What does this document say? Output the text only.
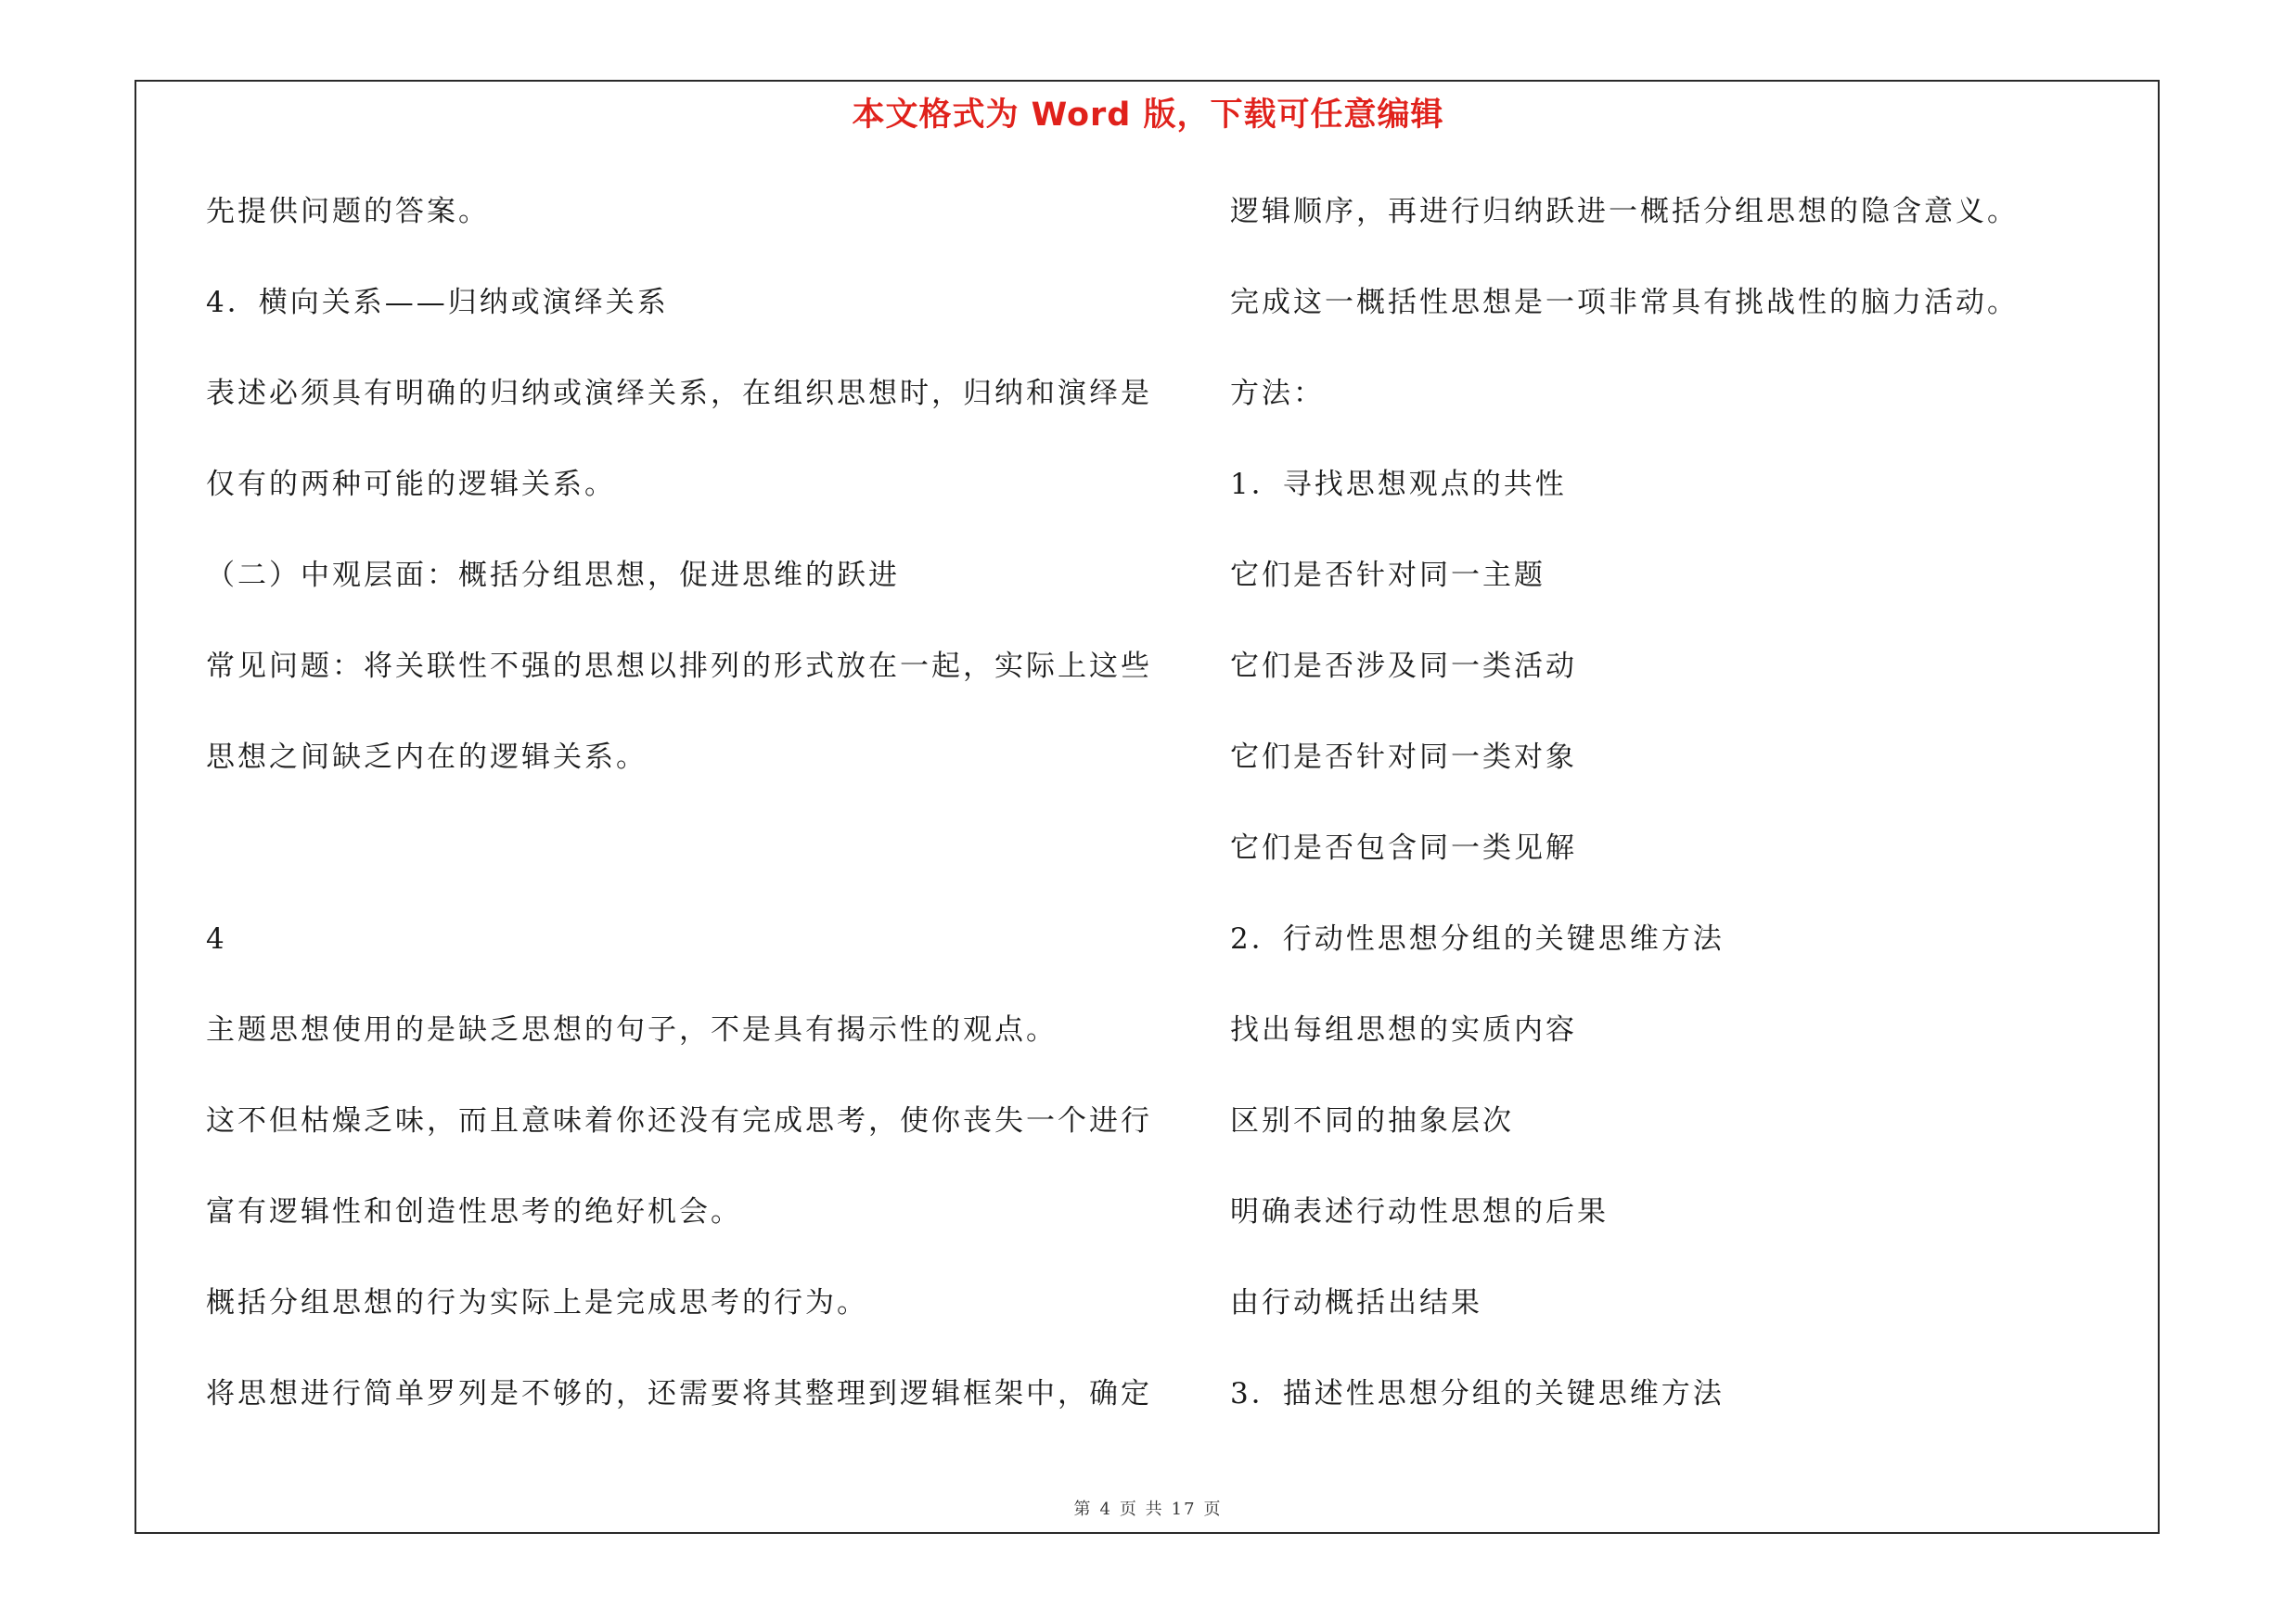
本文格式为 Word 版，下载可任意编辑
先提供问题的答案。
4．横向关系——归纳或演绎关系
表述必须具有明确的归纳或演绎关系，在组织思想时，归纳和演绎是
仅有的两种可能的逻辑关系。
（二）中观层面：概括分组思想，促进思维的跃进
常见问题：将关联性不强的思想以排列的形式放在一起，实际上这些
思想之间缺乏内在的逻辑关系。
4
主题思想使用的是缺乏思想的句子，不是具有揭示性的观点。
这不但枯燥乏味，而且意味着你还没有完成思考，使你丧失一个进行
富有逻辑性和创造性思考的绝好机会。
概括分组思想的行为实际上是完成思考的行为。
将思想进行简单罗列是不够的，还需要将其整理到逻辑框架中，确定
逻辑顺序，再进行归纳跃进一概括分组思想的隐含意义。
完成这一概括性思想是一项非常具有挑战性的脑力活动。
方法：
1．寻找思想观点的共性
它们是否针对同一主题
它们是否涉及同一类活动
它们是否针对同一类对象
它们是否包含同一类见解
2．行动性思想分组的关键思维方法
找出每组思想的实质内容
区别不同的抽象层次
明确表述行动性思想的后果
由行动概括出结果
3．描述性思想分组的关键思维方法
第 4 页 共 17 页
